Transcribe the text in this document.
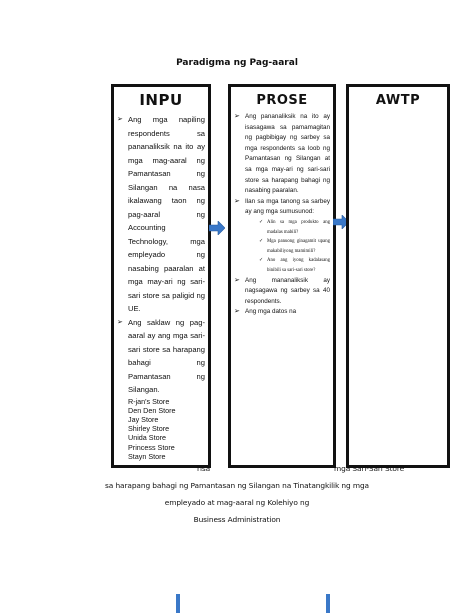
Paradigma ng Pag-aaral
INPU
➢ Ang mga napiling respondents sa pananaliksik na ito ay mga mag-aaral ng Pamantasan ng Silangan na nasa ikalawang taon ng pag-aaral ng Accounting Technology, mga empleyado ng nasabing paaralan at mga may-ari ng sari-sari store sa paligid ng UE.
➢ Ang saklaw ng pag-aaral ay ang mga sari-sari store sa harapang bahagi ng Pamantasan ng Silangan.
R-jan's Store
Den Den Store
Jay Store
Shirley Store
Unida Store
Princess Store
Stayn Store
PROSE
➢ Ang pananaliksik na ito ay isasagawa sa pamamagitan ng pagbibigay ng sarbey sa mga respondents sa loob ng Pamantasan ng Silangan at sa mga may-ari ng sari-sari store sa harapang bahagi ng nasabing paaralan.
➢ Ilan sa mga tanong sa sarbey ay ang mga sumusunod:
✓ Alin sa mga produkto ang madalas mabili?
✓ Mga panuong ginagamit upang makabiliyong mamimili?
✓ Ano ang iyong kadalasang binibili sa sari-sari store?
➢ Ang mananaliksik ay nagsagawa ng sarbey sa 40 respondents.
➢ Ang mga datos na
AWTP
risa	mga Sari-Sari Store
sa harapang bahagi ng Pamantasan ng Silangan na Tinatangkilik ng mga
empleyado at mag-aaral ng Kolehiyo ng
Business Administration
